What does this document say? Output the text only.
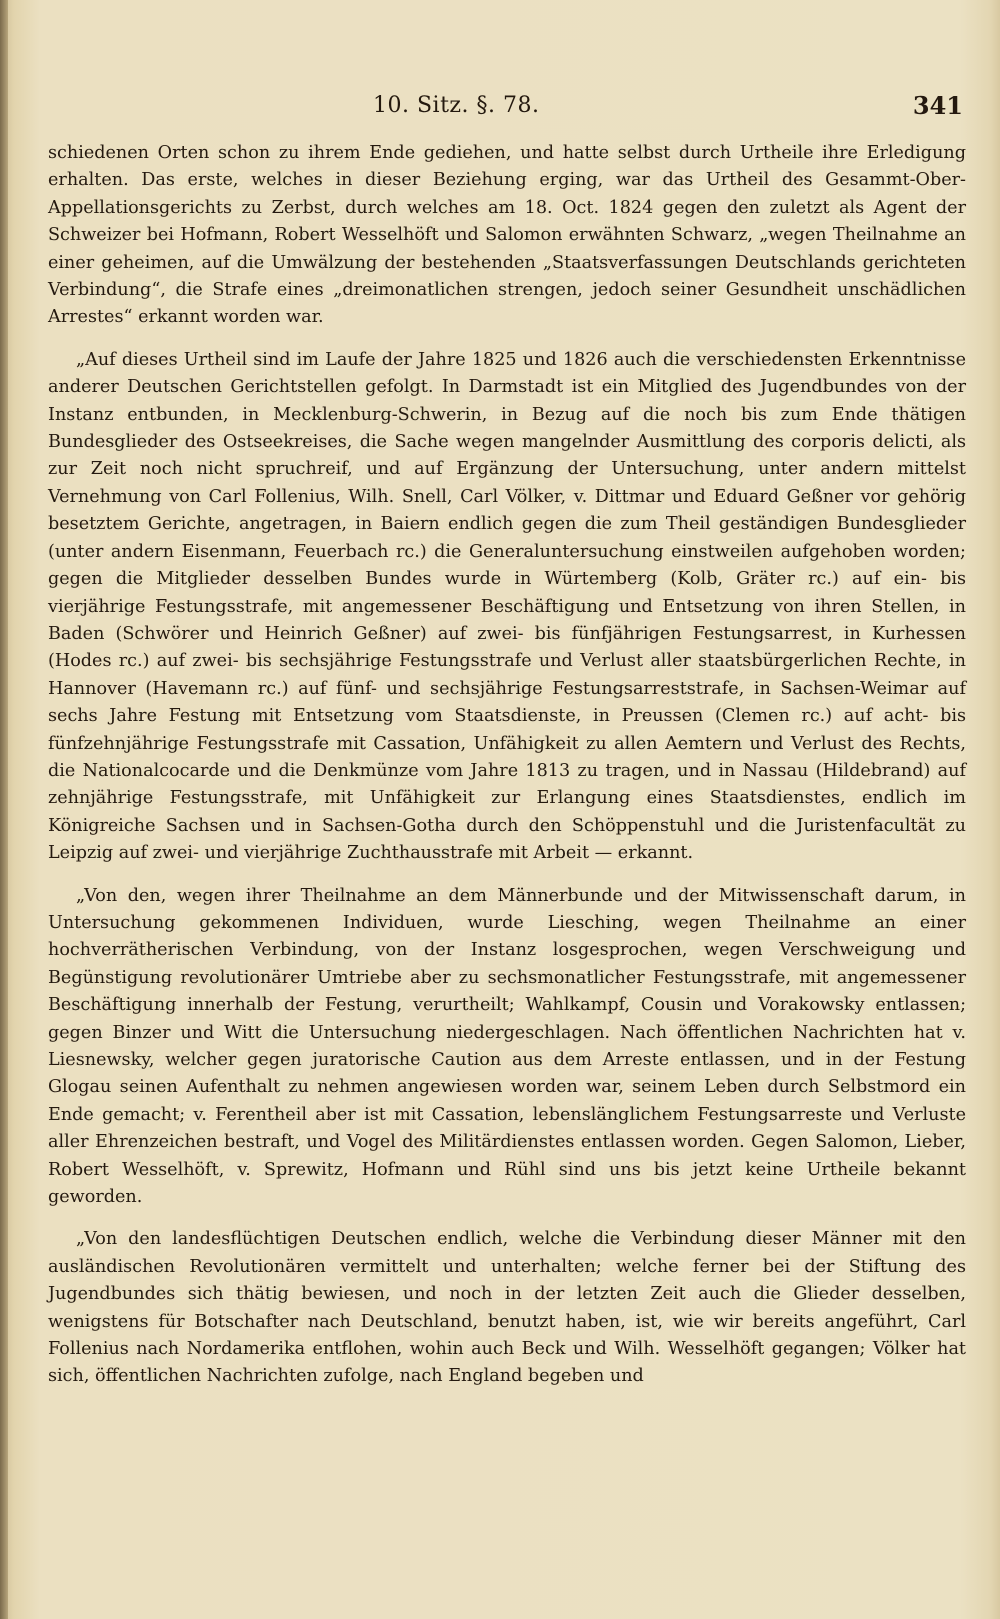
10. Sitz. §. 78.	341

schiedenen Orten schon zu ihrem Ende gediehen, und hatte selbst durch Urtheile ihre Erledigung erhalten. Das erste, welches in dieser Beziehung erging, war das Urtheil des Gesammt-Ober-Appellationsgerichts zu Zerbst, durch welches am 18. Oct. 1824 gegen den zuletzt als Agent der Schweizer bei Hofmann, Robert Wesselhöft und Salomon erwähnten Schwarz, „wegen Theilnahme an einer geheimen, auf die Umwälzung der bestehenden „Staatsverfassungen Deutschlands gerichteten Verbindung“, die Strafe eines „dreimonatlichen strengen, jedoch seiner Gesundheit unschädlichen Arrestes“ erkannt worden war.

„Auf dieses Urtheil sind im Laufe der Jahre 1825 und 1826 auch die verschiedensten Erkenntnisse anderer Deutschen Gerichtstellen gefolgt. In Darmstadt ist ein Mitglied des Jugendbundes von der Instanz entbunden, in Mecklenburg-Schwerin, in Bezug auf die noch bis zum Ende thätigen Bundesglieder des Ostseekreises, die Sache wegen mangelnder Ausmittlung des corporis delicti, als zur Zeit noch nicht spruchreif, und auf Ergänzung der Untersuchung, unter andern mittelst Vernehmung von Carl Follenius, Wilh. Snell, Carl Völker, v. Dittmar und Eduard Geßner vor gehörig besetztem Gerichte, angetragen, in Baiern endlich gegen die zum Theil geständigen Bundesglieder (unter andern Eisenmann, Feuerbach rc.) die Generaluntersuchung einstweilen aufgehoben worden; gegen die Mitglieder desselben Bundes wurde in Würtemberg (Kolb, Gräter rc.) auf ein- bis vierjährige Festungsstrafe, mit angemessener Beschäftigung und Entsetzung von ihren Stellen, in Baden (Schwörer und Heinrich Geßner) auf zwei- bis fünfjährigen Festungsarrest, in Kurhessen (Hodes rc.) auf zwei- bis sechsjährige Festungsstrafe und Verlust aller staatsbürgerlichen Rechte, in Hannover (Havemann rc.) auf fünf- und sechsjährige Festungsarreststrafe, in Sachsen-Weimar auf sechs Jahre Festung mit Entsetzung vom Staatsdienste, in Preussen (Clemen rc.) auf acht- bis fünfzehnjährige Festungsstrafe mit Cassation, Unfähigkeit zu allen Aemtern und Verlust des Rechts, die Nationalcocarde und die Denkmünze vom Jahre 1813 zu tragen, und in Nassau (Hildebrand) auf zehnjährige Festungsstrafe, mit Unfähigkeit zur Erlangung eines Staatsdienstes, endlich im Königreiche Sachsen und in Sachsen-Gotha durch den Schöppenstuhl und die Juristenfacultät zu Leipzig auf zwei- und vierjährige Zuchthausstrafe mit Arbeit — erkannt.

„Von den, wegen ihrer Theilnahme an dem Männerbunde und der Mitwissenschaft darum, in Untersuchung gekommenen Individuen, wurde Liesching, wegen Theilnahme an einer hochverrätherischen Verbindung, von der Instanz losgesprochen, wegen Verschweigung und Begünstigung revolutionärer Umtriebe aber zu sechsmonatlicher Festungsstrafe, mit angemessener Beschäftigung innerhalb der Festung, verurtheilt; Wahlkampf, Cousin und Vorakowsky entlassen; gegen Binzer und Witt die Untersuchung niedergeschlagen. Nach öffentlichen Nachrichten hat v. Liesnewsky, welcher gegen juratorische Caution aus dem Arreste entlassen, und in der Festung Glogau seinen Aufenthalt zu nehmen angewiesen worden war, seinem Leben durch Selbstmord ein Ende gemacht; v. Ferentheil aber ist mit Cassation, lebenslänglichem Festungsarreste und Verluste aller Ehrenzeichen bestraft, und Vogel des Militärdienstes entlassen worden. Gegen Salomon, Lieber, Robert Wesselhöft, v. Sprewitz, Hofmann und Rühl sind uns bis jetzt keine Urtheile bekannt geworden.

„Von den landesflüchtigen Deutschen endlich, welche die Verbindung dieser Männer mit den ausländischen Revolutionären vermittelt und unterhalten; welche ferner bei der Stiftung des Jugendbundes sich thätig bewiesen, und noch in der letzten Zeit auch die Glieder desselben, wenigstens für Botschafter nach Deutschland, benutzt haben, ist, wie wir bereits angeführt, Carl Follenius nach Nordamerika entflohen, wohin auch Beck und Wilh. Wesselhöft gegangen; Völker hat sich, öffentlichen Nachrichten zufolge, nach England begeben und
